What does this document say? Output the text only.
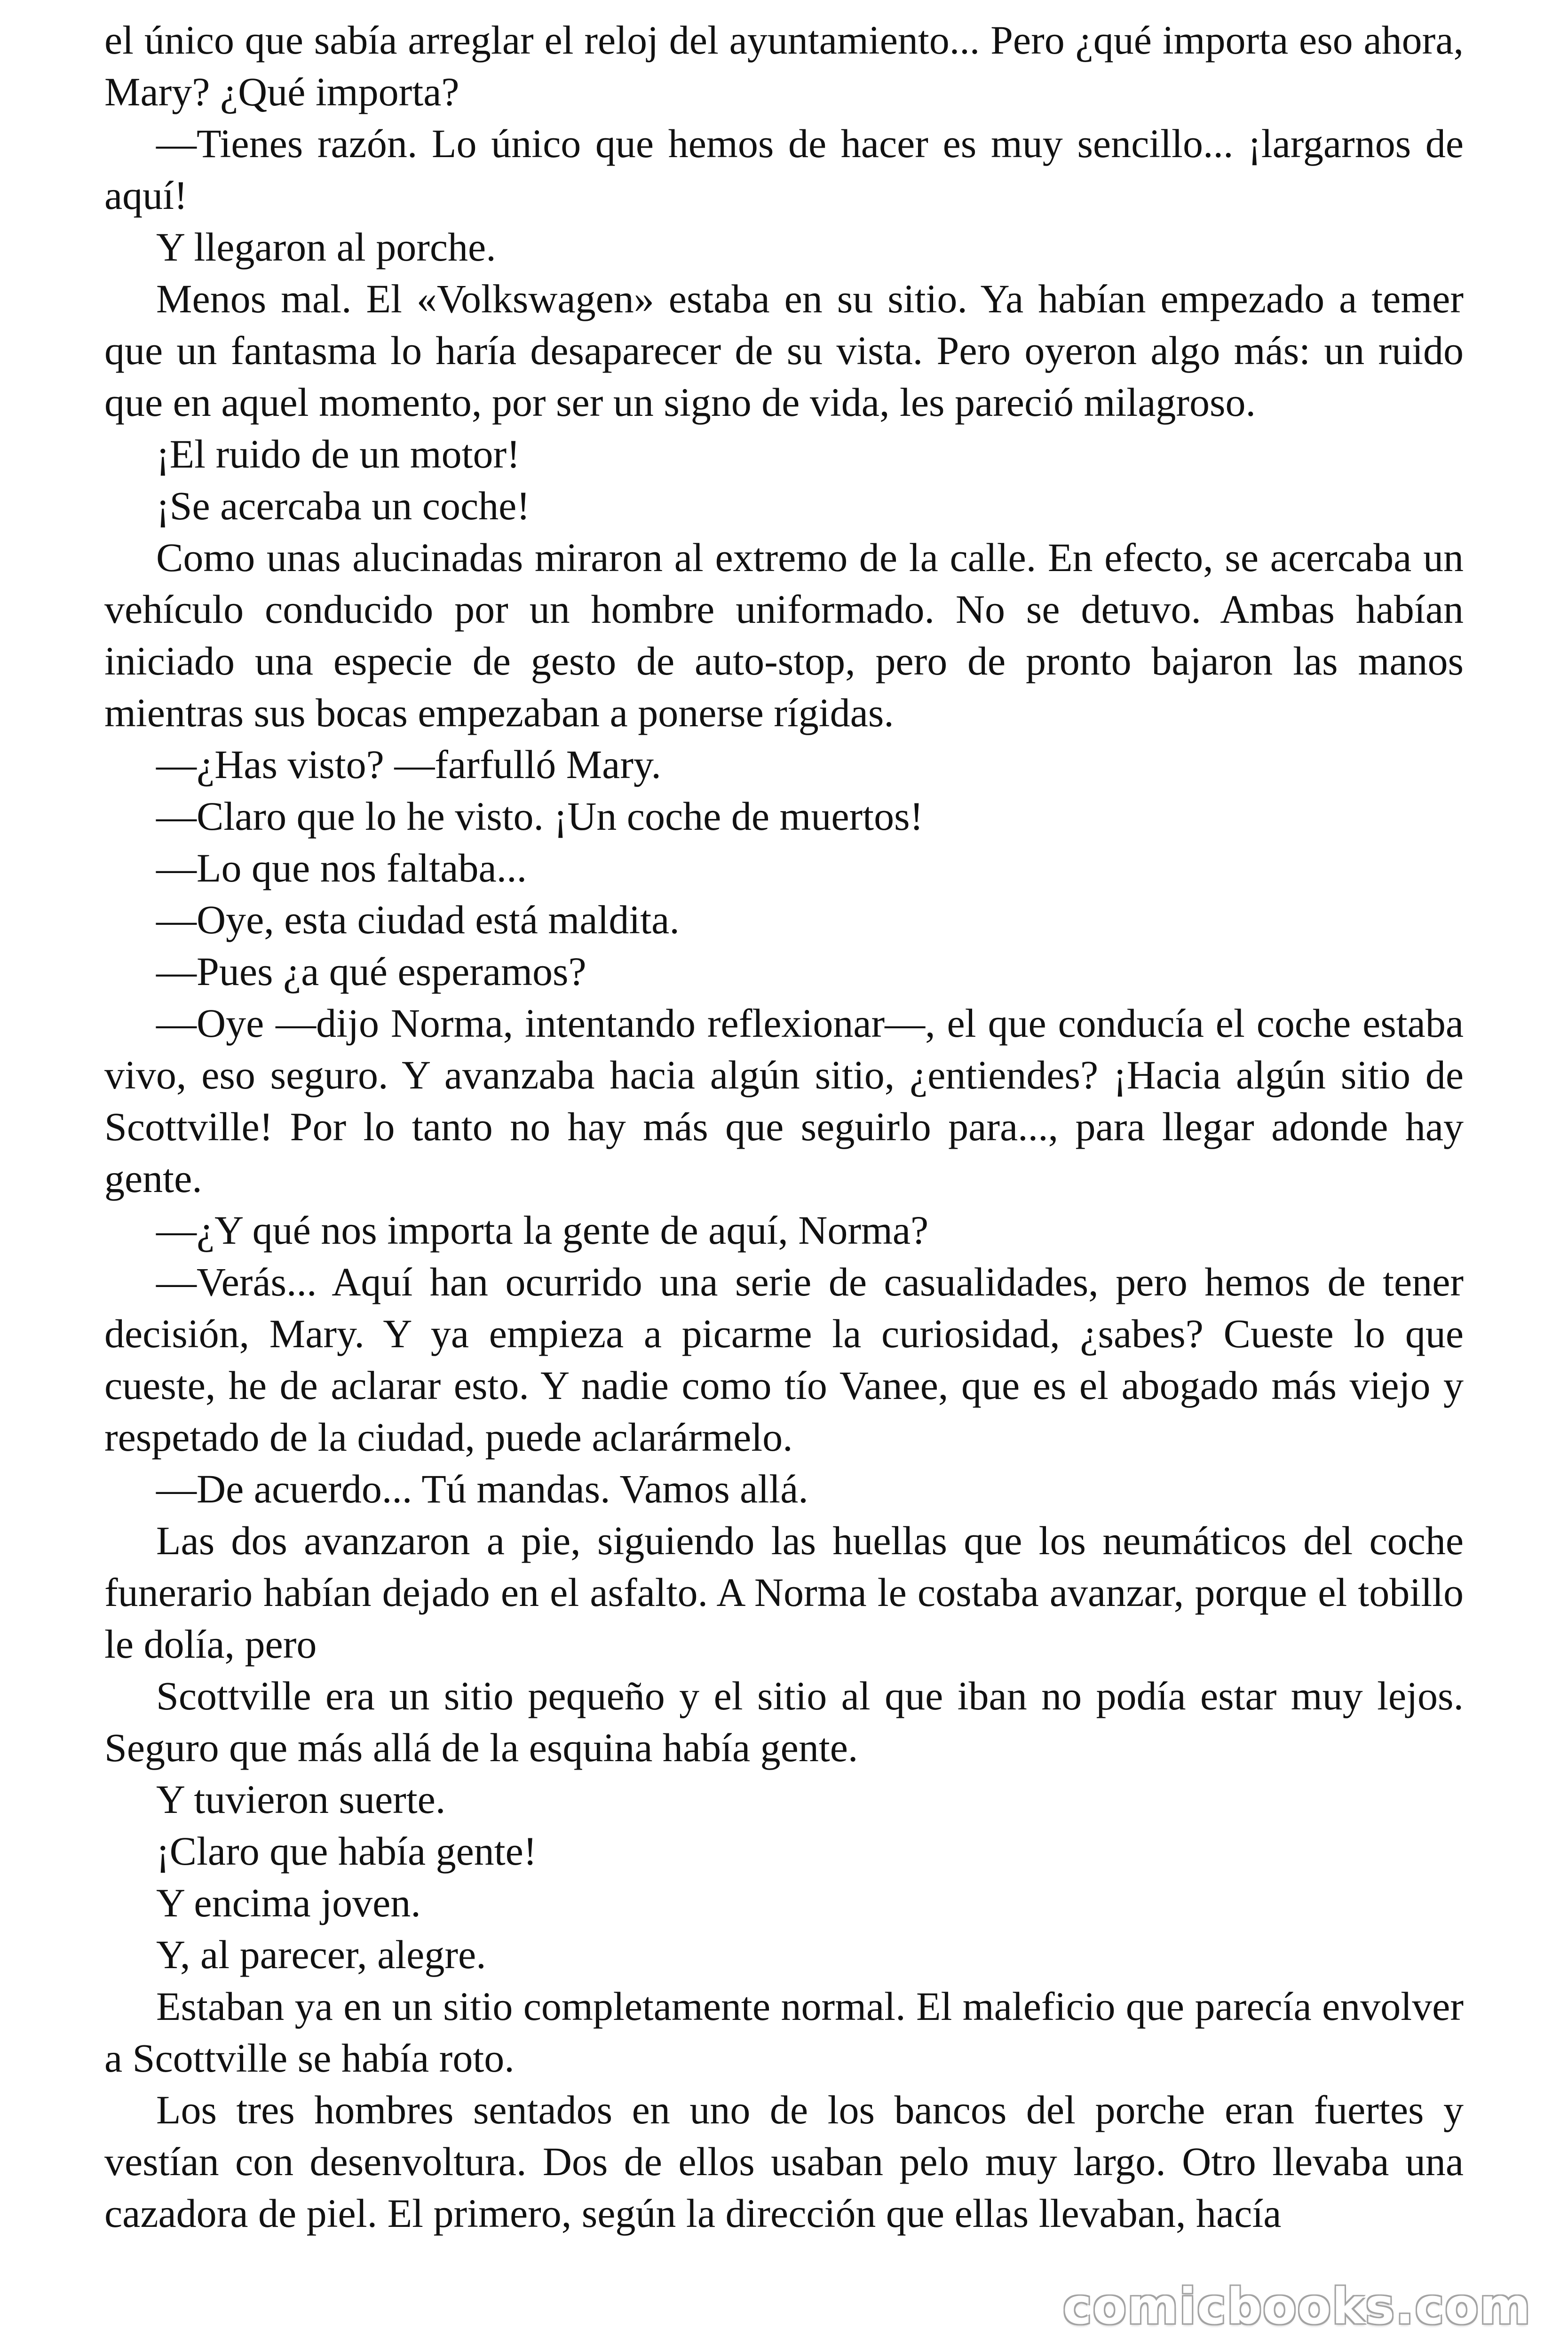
el único que sabía arreglar el reloj del ayuntamiento... Pero ¿qué importa eso ahora, Mary? ¿Qué importa?

—Tienes razón. Lo único que hemos de hacer es muy sencillo... ¡largarnos de aquí!

Y llegaron al porche.

Menos mal. El «Volkswagen» estaba en su sitio. Ya habían empezado a temer que un fantasma lo haría desaparecer de su vista. Pero oyeron algo más: un ruido que en aquel momento, por ser un signo de vida, les pareció milagroso.

¡El ruido de un motor!

¡Se acercaba un coche!

Como unas alucinadas miraron al extremo de la calle. En efecto, se acercaba un vehículo conducido por un hombre uniformado. No se detuvo. Ambas habían iniciado una especie de gesto de auto-stop, pero de pronto bajaron las manos mientras sus bocas empezaban a ponerse rígidas.

—¿Has visto? —farfulló Mary.

—Claro que lo he visto. ¡Un coche de muertos!

—Lo que nos faltaba...

—Oye, esta ciudad está maldita.

—Pues ¿a qué esperamos?

—Oye —dijo Norma, intentando reflexionar—, el que conducía el coche estaba vivo, eso seguro. Y avanzaba hacia algún sitio, ¿entiendes? ¡Hacia algún sitio de Scottville! Por lo tanto no hay más que seguirlo para..., para llegar adonde hay gente.

—¿Y qué nos importa la gente de aquí, Norma?

—Verás... Aquí han ocurrido una serie de casualidades, pero hemos de tener decisión, Mary. Y ya empieza a picarme la curiosidad, ¿sabes? Cueste lo que cueste, he de aclarar esto. Y nadie como tío Vanee, que es el abogado más viejo y respetado de la ciudad, puede aclarármelo.

—De acuerdo... Tú mandas. Vamos allá.

Las dos avanzaron a pie, siguiendo las huellas que los neumáticos del coche funerario habían dejado en el asfalto. A Norma le costaba avanzar, porque el tobillo le dolía, pero

Scottville era un sitio pequeño y el sitio al que iban no podía estar muy lejos. Seguro que más allá de la esquina había gente.

Y tuvieron suerte.

¡Claro que había gente!

Y encima joven.

Y, al parecer, alegre.

Estaban ya en un sitio completamente normal. El maleficio que parecía envolver a Scottville se había roto.

Los tres hombres sentados en uno de los bancos del porche eran fuertes y vestían con desenvoltura. Dos de ellos usaban pelo muy largo. Otro llevaba una cazadora de piel. El primero, según la dirección que ellas llevaban, hacía

comicbooks.com
